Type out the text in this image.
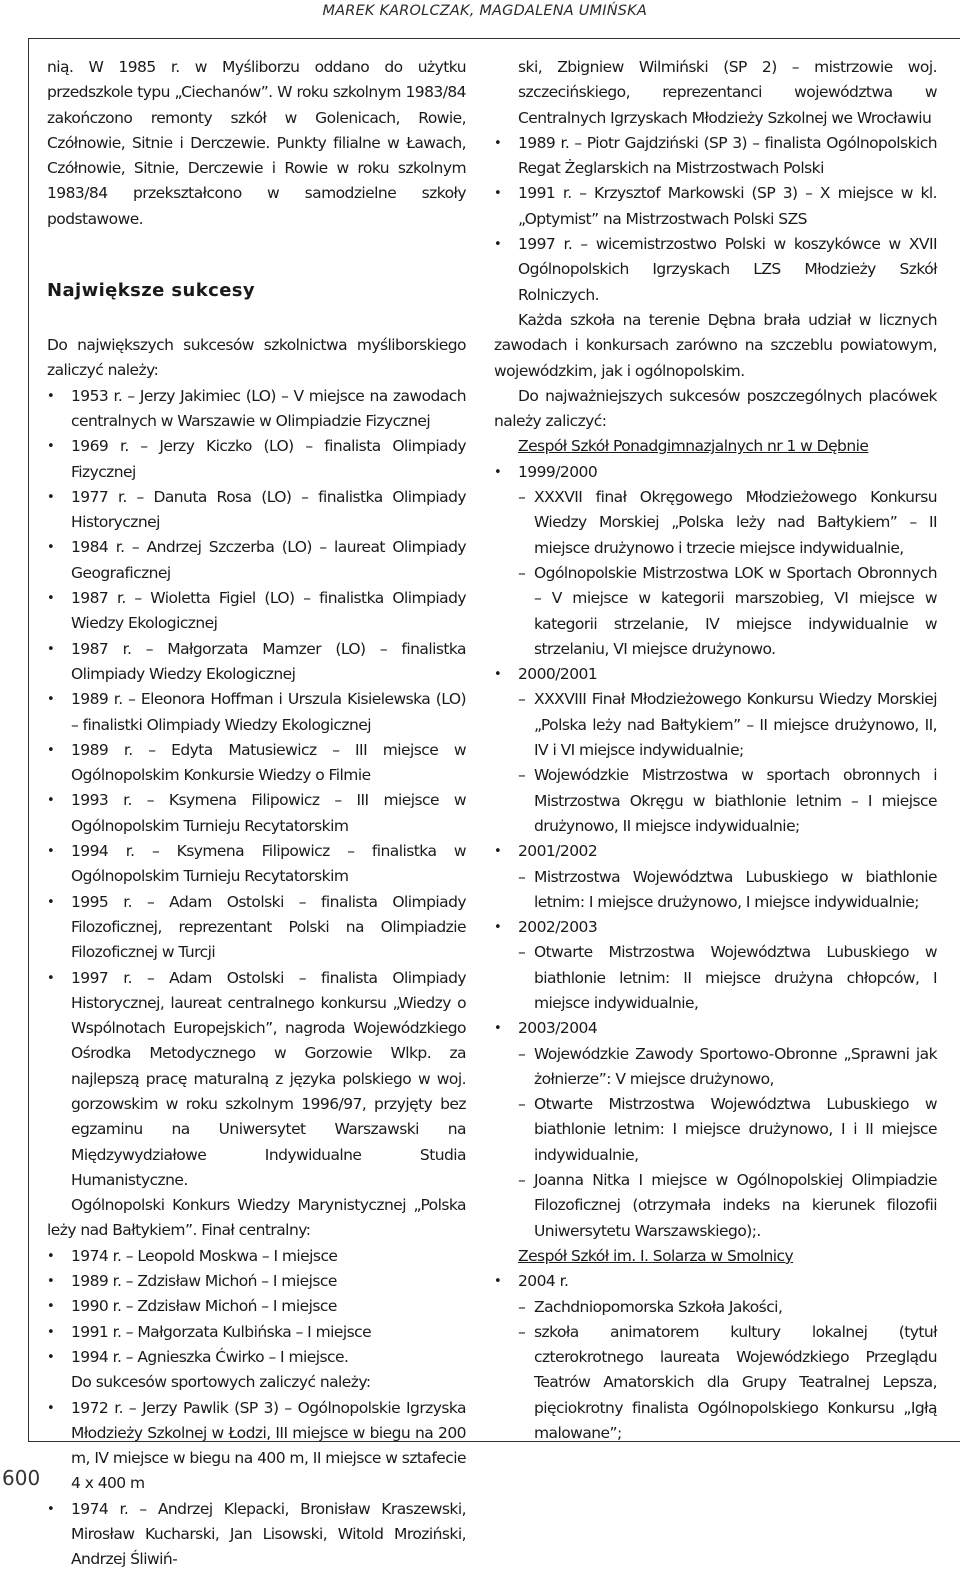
MAREK KAROLCZAK, MAGDALENA UMIŃSKA
600

nią. W 1985 r. w Myśliborzu oddano do użytku przedszkole typu „Ciechanów”. W roku szkolnym 1983/84 zakończono remonty szkół w Golenicach, Rowie, Czółnowie, Sitnie i Derczewie. Punkty filialne w Ławach, Czółnowie, Sitnie, Derczewie i Rowie w roku szkolnym 1983/84 przekształcono w samodzielne szkoły podstawowe.

Największe sukcesy

Do największych sukcesów szkolnictwa myśliborskiego zaliczyć należy:

• 1953 r. – Jerzy Jakimiec (LO) – V miejsce na zawodach centralnych w Warszawie w Olimpiadzie Fizycznej
• 1969 r. – Jerzy Kiczko (LO) – finalista Olimpiady Fizycznej
• 1977 r. – Danuta Rosa (LO) – finalistka Olimpiady Historycznej
• 1984 r. – Andrzej Szczerba (LO) – laureat Olimpiady Geograficznej
• 1987 r. – Wioletta Figiel (LO) – finalistka Olimpiady Wiedzy Ekologicznej
• 1987 r. – Małgorzata Mamzer (LO) – finalistka Olimpiady Wiedzy Ekologicznej
• 1989 r. – Eleonora Hoffman i Urszula Kisielewska (LO) – finalistki Olimpiady Wiedzy Ekologicznej
• 1989 r. – Edyta Matusiewicz – III miejsce w Ogólnopolskim Konkursie Wiedzy o Filmie
• 1993 r. – Ksymena Filipowicz – III miejsce w Ogólnopolskim Turnieju Recytatorskim
• 1994 r. – Ksymena Filipowicz – finalistka w Ogólnopolskim Turnieju Recytatorskim
• 1995 r. – Adam Ostolski – finalista Olimpiady Filozoficznej, reprezentant Polski na Olimpiadzie Filozoficznej w Turcji
• 1997 r. – Adam Ostolski – finalista Olimpiady Historycznej, laureat centralnego konkursu „Wiedzy o Wspólnotach Europejskich”, nagroda Wojewódzkiego Ośrodka Metodycznego w Gorzowie Wlkp. za najlepszą pracę maturalną z języka polskiego w woj. gorzowskim w roku szkolnym 1996/97, przyjęty bez egzaminu na Uniwersytet Warszawski na Międzywydziałowe Indywidualne Studia Humanistyczne.

Ogólnopolski Konkurs Wiedzy Marynistycznej „Polska leży nad Bałtykiem”. Finał centralny:

• 1974 r. – Leopold Moskwa – I miejsce
• 1989 r. – Zdzisław Michoń – I miejsce
• 1990 r. – Zdzisław Michoń – I miejsce
• 1991 r. – Małgorzata Kulbińska – I miejsce
• 1994 r. – Agnieszka Ćwirko – I miejsce.

Do sukcesów sportowych zaliczyć należy:

• 1972 r. – Jerzy Pawlik (SP 3) – Ogólnopolskie Igrzyska Młodzieży Szkolnej w Łodzi, III miejsce w biegu na 200 m, IV miejsce w biegu na 400 m, II miejsce w sztafecie 4 x 400 m
• 1974 r. – Andrzej Klepacki, Bronisław Kraszewski, Mirosław Kucharski, Jan Lisowski, Witold Mroziński, Andrzej Śliwiń-

ski, Zbigniew Wilmiński (SP 2) – mistrzowie woj. szczecińskiego, reprezentanci województwa w Centralnych Igrzyskach Młodzieży Szkolnej we Wrocławiu

• 1989 r. – Piotr Gajdziński (SP 3) – finalista Ogólnopolskich Regat Żeglarskich na Mistrzostwach Polski
• 1991 r. – Krzysztof Markowski (SP 3) – X miejsce w kl. „Optymist” na Mistrzostwach Polski SZS
• 1997 r. – wicemistrzostwo Polski w koszykówce w XVII Ogólnopolskich Igrzyskach LZS Młodzieży Szkół Rolniczych.

Każda szkoła na terenie Dębna brała udział w licznych zawodach i konkursach zarówno na szczeblu powiatowym, wojewódzkim, jak i ogólnopolskim.

Do najważniejszych sukcesów poszczególnych placówek należy zaliczyć:

Zespół Szkół Ponadgimnazjalnych nr 1 w Dębnie
• 1999/2000
– XXXVII finał Okręgowego Młodzieżowego Konkursu Wiedzy Morskiej „Polska leży nad Bałtykiem” – II miejsce drużynowo i trzecie miejsce indywidualnie,
– Ogólnopolskie Mistrzostwa LOK w Sportach Obronnych – V miejsce w kategorii marszobieg, VI miejsce w kategorii strzelanie, IV miejsce indywidualnie w strzelaniu, VI miejsce drużynowo.
• 2000/2001
– XXXVIII Finał Młodzieżowego Konkursu Wiedzy Morskiej „Polska leży nad Bałtykiem” – II miejsce drużynowo, II, IV i VI miejsce indywidualnie;
– Wojewódzkie Mistrzostwa w sportach obronnych i Mistrzostwa Okręgu w biathlonie letnim – I miejsce drużynowo, II miejsce indywidualnie;
• 2001/2002
– Mistrzostwa Województwa Lubuskiego w biathlonie letnim: I miejsce drużynowo, I miejsce indywidualnie;
• 2002/2003
– Otwarte Mistrzostwa Województwa Lubuskiego w biathlonie letnim: II miejsce drużyna chłopców, I miejsce indywidualnie,
• 2003/2004
– Wojewódzkie Zawody Sportowo-Obronne „Sprawni jak żołnierze”: V miejsce drużynowo,
– Otwarte Mistrzostwa Województwa Lubuskiego w biathlonie letnim: I miejsce drużynowo, I i II miejsce indywidualnie,
– Joanna Nitka I miejsce w Ogólnopolskiej Olimpiadzie Filozoficznej (otrzymała indeks na kierunek filozofii Uniwersytetu Warszawskiego);.
Zespół Szkół im. I. Solarza w Smolnicy
• 2004 r.
– Zachdniopomorska Szkoła Jakości,
– szkoła animatorem kultury lokalnej (tytuł czterokrotnego laureata Wojewódzkiego Przeglądu Teatrów Amatorskich dla Grupy Teatralnej Lepsza, pięciokrotny finalista Ogólnopolskiego Konkursu „Igłą malowane”;
